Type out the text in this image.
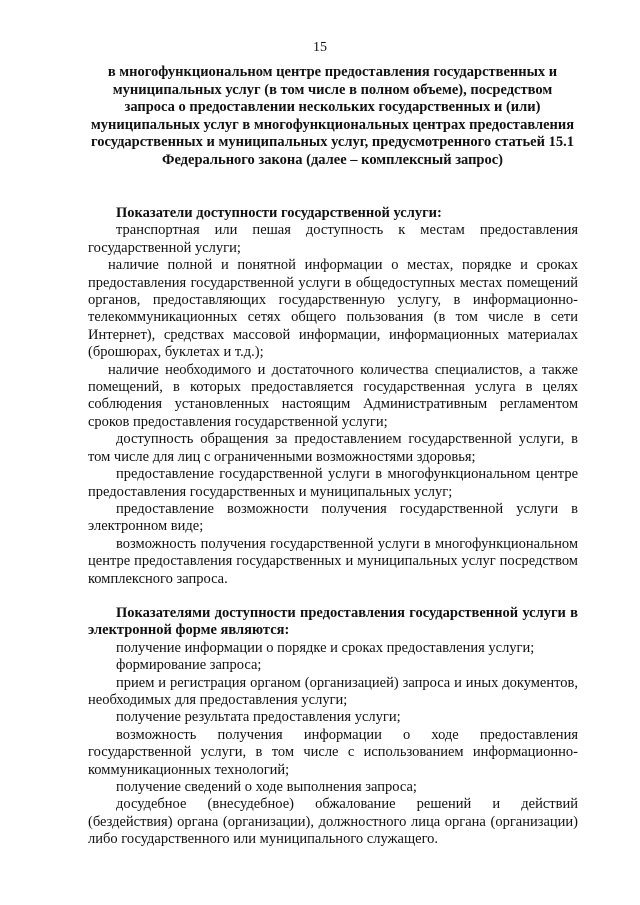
15
в многофункциональном центре предоставления государственных и муниципальных услуг (в том числе в полном объеме), посредством запроса о предоставлении нескольких государственных и (или) муниципальных услуг в многофункциональных центрах предоставления государственных и муниципальных услуг, предусмотренного статьей 15.1 Федерального закона (далее – комплексный запрос)

Показатели доступности государственной услуги:

транспортная или пешая доступность к местам предоставления государственной услуги;

наличие полной и понятной информации о местах, порядке и сроках предоставления государственной услуги в общедоступных местах помещений органов, предоставляющих государственную услугу, в информационно-телекоммуникационных сетях общего пользования (в том числе в сети Интернет), средствах массовой информации, информационных материалах (брошюрах, буклетах и т.д.);

наличие необходимого и достаточного количества специалистов, а также помещений, в которых предоставляется государственная услуга в целях соблюдения установленных настоящим Административным регламентом сроков предоставления государственной услуги;

доступность обращения за предоставлением государственной услуги, в том числе для лиц с ограниченными возможностями здоровья;

предоставление государственной услуги в многофункциональном центре предоставления государственных и муниципальных услуг;

предоставление возможности получения государственной услуги в электронном виде;

возможность получения государственной услуги в многофункциональном центре предоставления государственных и муниципальных услуг посредством комплексного запроса.

Показателями доступности предоставления государственной услуги в электронной форме являются:

получение информации о порядке и сроках предоставления услуги;

формирование запроса;

прием и регистрация органом (организацией) запроса и иных документов, необходимых для предоставления услуги;

получение результата предоставления услуги;

возможность получения информации о ходе предоставления государственной услуги, в том числе с использованием информационно-коммуникационных технологий;

получение сведений о ходе выполнения запроса;

досудебное (внесудебное) обжалование решений и действий (бездействия) органа (организации), должностного лица органа (организации) либо государственного или муниципального служащего.
